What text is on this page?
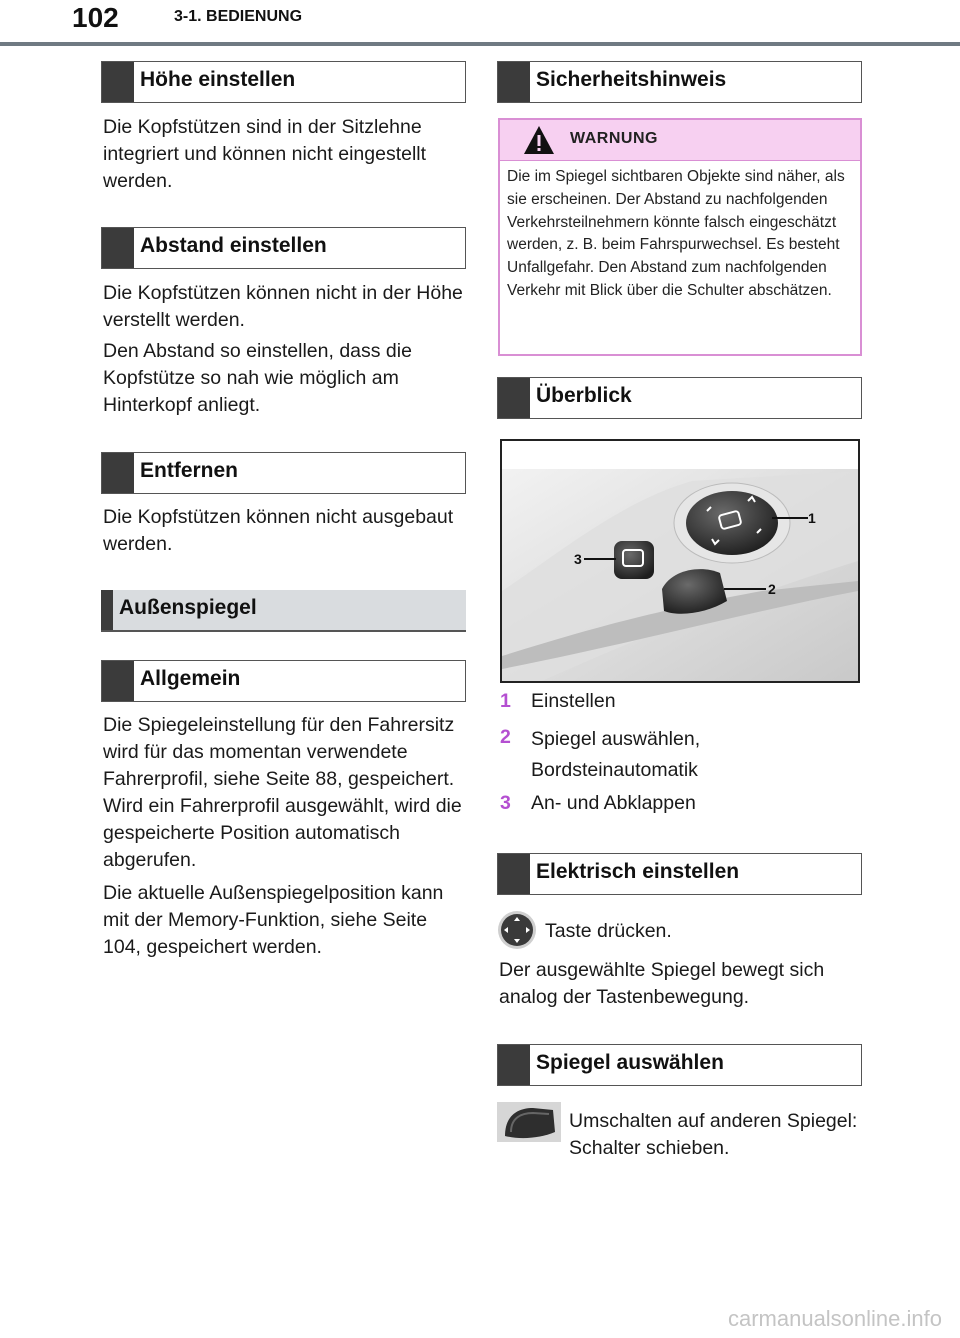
102	3-1. BEDIENUNG
Höhe einstellen

Die Kopfstützen sind in der Sitzlehne integriert und können nicht eingestellt werden.

Abstand einstellen

Die Kopfstützen können nicht in der Höhe verstellt werden.

Den Abstand so einstellen, dass die Kopfstütze so nah wie möglich am Hinterkopf anliegt.

Entfernen

Die Kopfstützen können nicht ausgebaut werden.

Außenspiegel
Allgemein

Die Spiegeleinstellung für den Fahrersitz wird für das momentan verwendete Fahrerprofil, siehe Seite 88, gespeichert. Wird ein Fahrerprofil ausgewählt, wird die gespeicherte Position automatisch abgerufen.

Die aktuelle Außenspiegelposition kann mit der Memory-Funktion, siehe Seite 104, gespeichert werden.

Sicherheitshinweis
WARNUNG

Die im Spiegel sichtbaren Objekte sind näher, als sie erscheinen. Der Abstand zu nachfolgenden Verkehrsteilnehmern könnte falsch eingeschätzt werden, z. B. beim Fahrspurwechsel. Es besteht Unfallgefahr. Den Abstand zum nachfolgenden Verkehr mit Blick über die Schulter abschätzen.

Überblick
1
2
3
1 Einstellen

2 Spiegel auswählen, Bordsteinautomatik

3 An- und Abklappen

Elektrisch einstellen

Taste drücken.

Der ausgewählte Spiegel bewegt sich analog der Tastenbewegung.

Spiegel auswählen

Umschalten auf anderen Spiegel: Schalter schieben.

carmanualsonline.info
